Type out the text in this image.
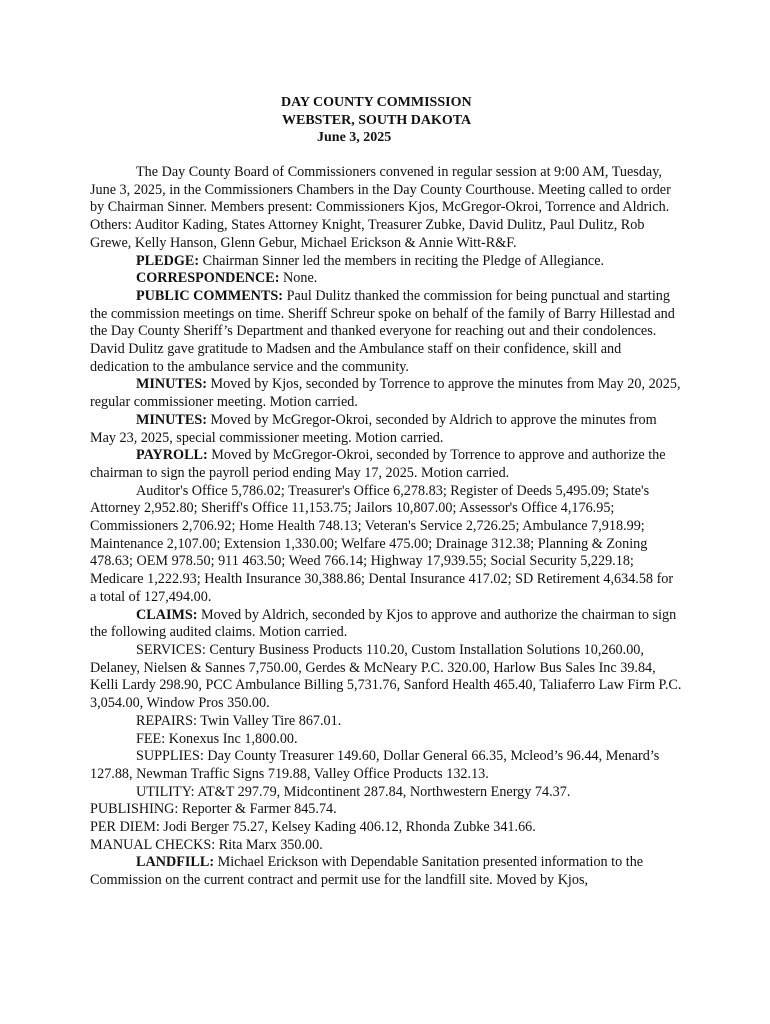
DAY COUNTY COMMISSION
WEBSTER, SOUTH DAKOTA
June 3, 2025

The Day County Board of Commissioners convened in regular session at 9:00 AM, Tuesday, June 3, 2025, in the Commissioners Chambers in the Day County Courthouse. Meeting called to order by Chairman Sinner. Members present: Commissioners Kjos, McGregor-Okroi, Torrence and Aldrich. Others: Auditor Kading, States Attorney Knight, Treasurer Zubke, David Dulitz, Paul Dulitz, Rob Grewe, Kelly Hanson, Glenn Gebur, Michael Erickson & Annie Witt-R&F.

PLEDGE: Chairman Sinner led the members in reciting the Pledge of Allegiance.

CORRESPONDENCE: None.

PUBLIC COMMENTS: Paul Dulitz thanked the commission for being punctual and starting the commission meetings on time. Sheriff Schreur spoke on behalf of the family of Barry Hillestad and the Day County Sheriff’s Department and thanked everyone for reaching out and their condolences. David Dulitz gave gratitude to Madsen and the Ambulance staff on their confidence, skill and dedication to the ambulance service and the community.

MINUTES: Moved by Kjos, seconded by Torrence to approve the minutes from May 20, 2025, regular commissioner meeting. Motion carried.

MINUTES: Moved by McGregor-Okroi, seconded by Aldrich to approve the minutes from May 23, 2025, special commissioner meeting. Motion carried.

PAYROLL: Moved by McGregor-Okroi, seconded by Torrence to approve and authorize the chairman to sign the payroll period ending May 17, 2025. Motion carried.

Auditor's Office 5,786.02; Treasurer's Office 6,278.83; Register of Deeds 5,495.09; State's Attorney 2,952.80; Sheriff's Office 11,153.75; Jailors 10,807.00; Assessor's Office 4,176.95; Commissioners 2,706.92; Home Health 748.13; Veteran's Service 2,726.25; Ambulance 7,918.99; Maintenance 2,107.00; Extension 1,330.00; Welfare 475.00; Drainage 312.38; Planning & Zoning 478.63; OEM 978.50; 911 463.50; Weed 766.14; Highway 17,939.55; Social Security 5,229.18; Medicare 1,222.93; Health Insurance 30,388.86; Dental Insurance 417.02; SD Retirement 4,634.58 for a total of 127,494.00.

CLAIMS: Moved by Aldrich, seconded by Kjos to approve and authorize the chairman to sign the following audited claims. Motion carried.

SERVICES: Century Business Products 110.20, Custom Installation Solutions 10,260.00, Delaney, Nielsen & Sannes 7,750.00, Gerdes & McNeary P.C. 320.00, Harlow Bus Sales Inc 39.84, Kelli Lardy 298.90, PCC Ambulance Billing 5,731.76, Sanford Health 465.40, Taliaferro Law Firm P.C. 3,054.00, Window Pros 350.00.

REPAIRS: Twin Valley Tire 867.01.

FEE: Konexus Inc 1,800.00.

SUPPLIES: Day County Treasurer 149.60, Dollar General 66.35, Mcleod’s 96.44, Menard’s 127.88, Newman Traffic Signs 719.88, Valley Office Products 132.13.

UTILITY: AT&T 297.79, Midcontinent 287.84, Northwestern Energy 74.37.

PUBLISHING: Reporter & Farmer 845.74.

PER DIEM: Jodi Berger 75.27, Kelsey Kading 406.12, Rhonda Zubke 341.66.

MANUAL CHECKS: Rita Marx 350.00.

LANDFILL: Michael Erickson with Dependable Sanitation presented information to the Commission on the current contract and permit use for the landfill site. Moved by Kjos,
